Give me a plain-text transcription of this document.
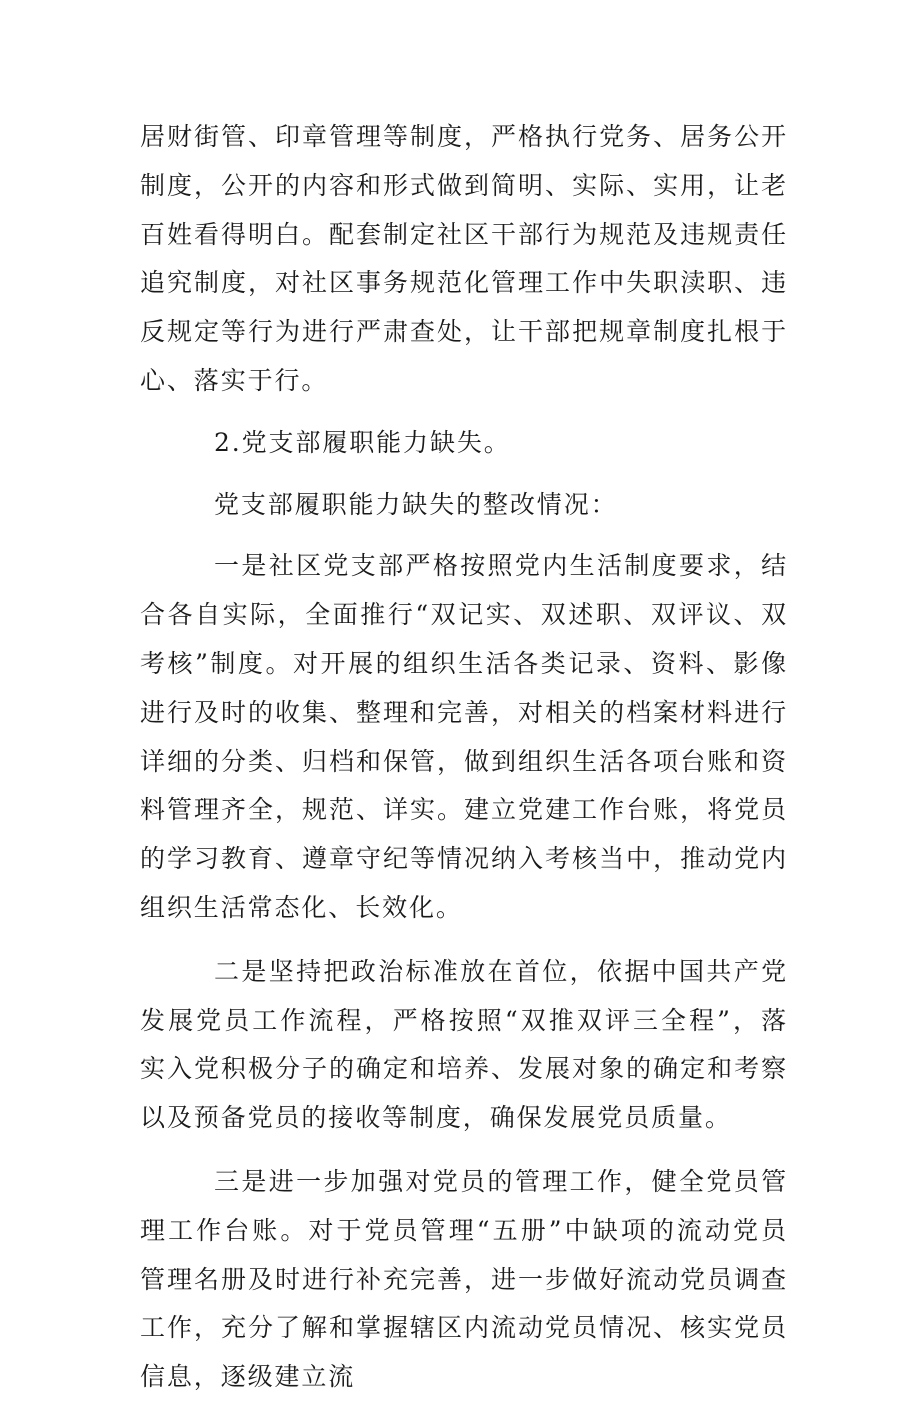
居财街管、印章管理等制度，严格执行党务、居务公开制度，公开的内容和形式做到简明、实际、实用，让老百姓看得明白。配套制定社区干部行为规范及违规责任追究制度，对社区事务规范化管理工作中失职渎职、违反规定等行为进行严肃查处，让干部把规章制度扎根于心、落实于行。

2.党支部履职能力缺失。

党支部履职能力缺失的整改情况：

一是社区党支部严格按照党内生活制度要求，结合各自实际，全面推行“双记实、双述职、双评议、双考核”制度。对开展的组织生活各类记录、资料、影像进行及时的收集、整理和完善，对相关的档案材料进行详细的分类、归档和保管，做到组织生活各项台账和资料管理齐全，规范、详实。建立党建工作台账，将党员的学习教育、遵章守纪等情况纳入考核当中，推动党内组织生活常态化、长效化。

二是坚持把政治标准放在首位，依据中国共产党发展党员工作流程，严格按照“双推双评三全程”，落实入党积极分子的确定和培养、发展对象的确定和考察以及预备党员的接收等制度，确保发展党员质量。

三是进一步加强对党员的管理工作，健全党员管理工作台账。对于党员管理“五册”中缺项的流动党员管理名册及时进行补充完善，进一步做好流动党员调查工作，充分了解和掌握辖区内流动党员情况、核实党员信息，逐级建立流
